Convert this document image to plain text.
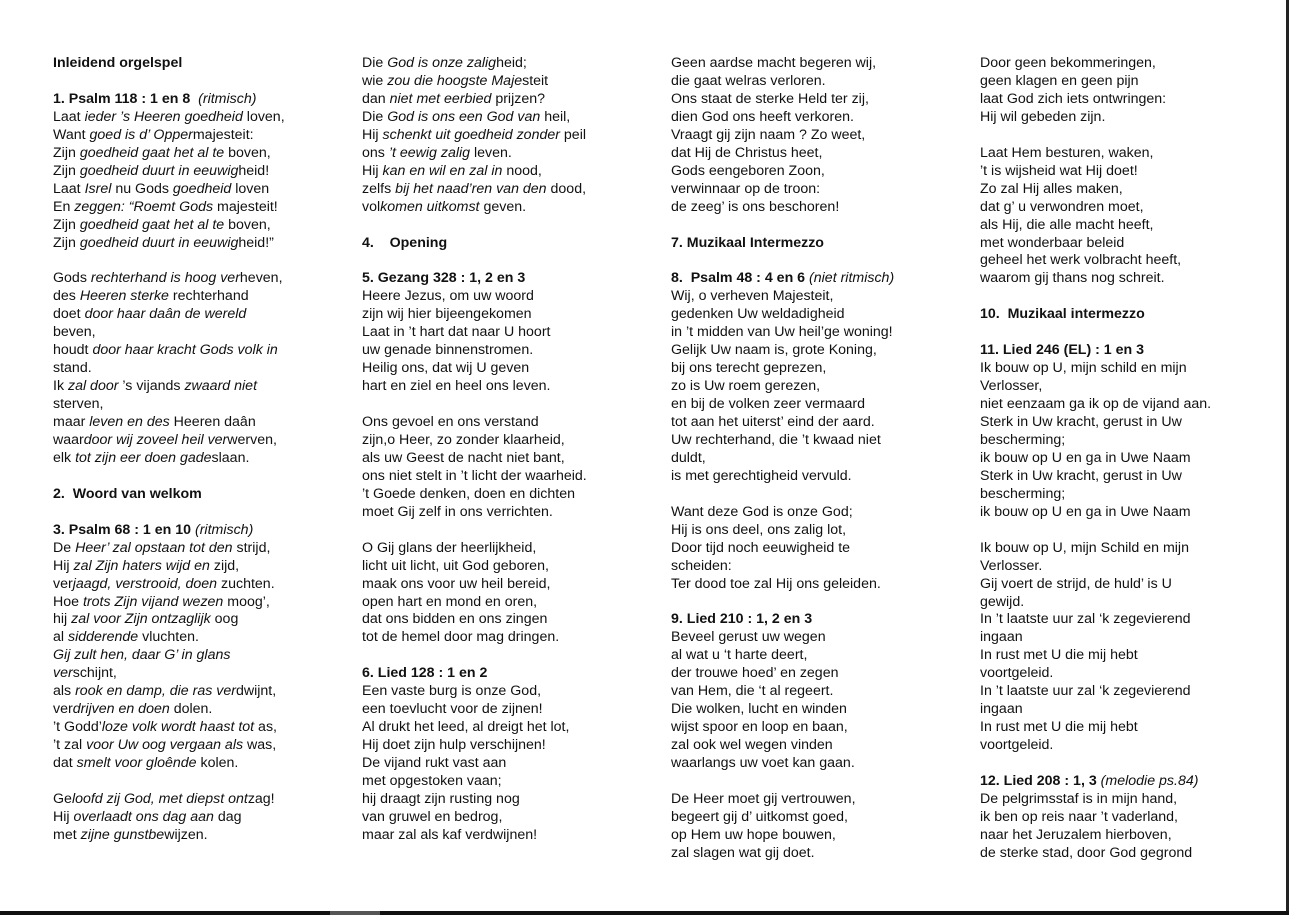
Inleidend orgelspel
1. Psalm 118 : 1 en 8 (ritmisch)
Laat ieder ’s Heeren goedheid loven,
Want goed is d’ Oppermajesteit:
Zijn goedheid gaat het al te boven,
Zijn goedheid duurt in eeuwigheid!
Laat Isrel nu Gods goedheid loven
En zeggen: “Roemt Gods majesteit!
Zijn goedheid gaat het al te boven,
Zijn goedheid duurt in eeuwigheid!”
Gods rechterhand is hoog verheven,
des Heeren sterke rechterhand
doet door haar daân de wereld
beven,
houdt door haar kracht Gods volk in
stand.
Ik zal door ’s vijands zwaard niet
sterven,
maar leven en des Heeren daân
waardoor wij zoveel heil verwerven,
elk tot zijn eer doen gadeslaan.
2.  Woord van welkom
3. Psalm 68 : 1 en 10 (ritmisch)
De Heer’ zal opstaan tot den strijd,
Hij zal Zijn haters wijd en zijd,
verjaagd, verstrooid, doen zuchten.
Hoe trots Zijn vijand wezen moog’,
hij zal voor Zijn ontzaglijk oog
al sidderende vluchten.
Gij zult hen, daar G’ in glans
verschijnt,
als rook en damp, die ras verdwijnt,
verdrijven en doen dolen.
’t Godd’loze volk wordt haast tot as,
’t zal voor Uw oog vergaan als was,
dat smelt voor gloênde kolen.
Geloofd zij God, met diepst ontzag!
Hij overlaadt ons dag aan dag
met zijne gunstbewijzen.
Die God is onze zaligheid;
wie zou die hoogste Majesteit
dan niet met eerbied prijzen?
Die God is ons een God van heil,
Hij schenkt uit goedheid zonder peil
ons ’t eewig zalig leven.
Hij kan en wil en zal in nood,
zelfs bij het naad’ren van den dood,
volkomen uitkomst geven.
4.    Opening
5. Gezang 328 : 1, 2 en 3
Heere Jezus, om uw woord
zijn wij hier bijeengekomen
Laat in ’t hart dat naar U hoort
uw genade binnenstromen.
Heilig ons, dat wij U geven
hart en ziel en heel ons leven.
Ons gevoel en ons verstand
zijn,o Heer, zo zonder klaarheid,
als uw Geest de nacht niet bant,
ons niet stelt in ’t licht der waarheid.
’t Goede denken, doen en dichten
moet Gij zelf in ons verrichten.
O Gij glans der heerlijkheid,
licht uit licht, uit God geboren,
maak ons voor uw heil bereid,
open hart en mond en oren,
dat ons bidden en ons zingen
tot de hemel door mag dringen.
6. Lied 128 : 1 en 2
Een vaste burg is onze God,
een toevlucht voor de zijnen!
Al drukt het leed, al dreigt het lot,
Hij doet zijn hulp verschijnen!
De vijand rukt vast aan
met opgestoken vaan;
hij draagt zijn rusting nog
van gruwel en bedrog,
maar zal als kaf verdwijnen!
Geen aardse macht begeren wij,
die gaat welras verloren.
Ons staat de sterke Held ter zij,
dien God ons heeft verkoren.
Vraagt gij zijn naam ? Zo weet,
dat Hij de Christus heet,
Gods eengeboren Zoon,
verwinnaar op de troon:
de zeeg’ is ons beschoren!
7. Muzikaal Intermezzo
8.  Psalm 48 : 4 en 6 (niet ritmisch)
Wij, o verheven Majesteit,
gedenken Uw weldadigheid
in ’t midden van Uw heil’ge woning!
Gelijk Uw naam is, grote Koning,
bij ons terecht geprezen,
zo is Uw roem gerezen,
en bij de volken zeer vermaard
tot aan het uiterst’ eind der aard.
Uw rechterhand, die ’t kwaad niet
duldt,
is met gerechtigheid vervuld.
Want deze God is onze God;
Hij is ons deel, ons zalig lot,
Door tijd noch eeuwigheid te
scheiden:
Ter dood toe zal Hij ons geleiden.
9. Lied 210 : 1, 2 en 3
Beveel gerust uw wegen
al wat u ‘t harte deert,
der trouwe hoed’ en zegen
van Hem, die ‘t al regeert.
Die wolken, lucht en winden
wijst spoor en loop en baan,
zal ook wel wegen vinden
waarlangs uw voet kan gaan.
De Heer moet gij vertrouwen,
begeert gij d’ uitkomst goed,
op Hem uw hope bouwen,
zal slagen wat gij doet.
Door geen bekommeringen,
geen klagen en geen pijn
laat God zich iets ontwringen:
Hij wil gebeden zijn.
Laat Hem besturen, waken,
’t is wijsheid wat Hij doet!
Zo zal Hij alles maken,
dat g’ u verwondren moet,
als Hij, die alle macht heeft,
met wonderbaar beleid
geheel het werk volbracht heeft,
waarom gij thans nog schreit.
10.  Muzikaal intermezzo
11. Lied 246 (EL) : 1 en 3
Ik bouw op U, mijn schild en mijn
Verlosser,
niet eenzaam ga ik op de vijand aan.
Sterk in Uw kracht, gerust in Uw
bescherming;
ik bouw op U en ga in Uwe Naam
Sterk in Uw kracht, gerust in Uw
bescherming;
ik bouw op U en ga in Uwe Naam
Ik bouw op U, mijn Schild en mijn
Verlosser.
Gij voert de strijd, de huld’ is U
gewijd.
In ’t laatste uur zal ‘k zegevierend
ingaan
In rust met U die mij hebt
voortgeleid.
In ’t laatste uur zal ‘k zegevierend
ingaan
In rust met U die mij hebt
voortgeleid.
12. Lied 208 : 1, 3 (melodie ps.84)
De pelgrimsstaf is in mijn hand,
ik ben op reis naar ’t vaderland,
naar het Jeruzalem hierboven,
de sterke stad, door God gegrond
